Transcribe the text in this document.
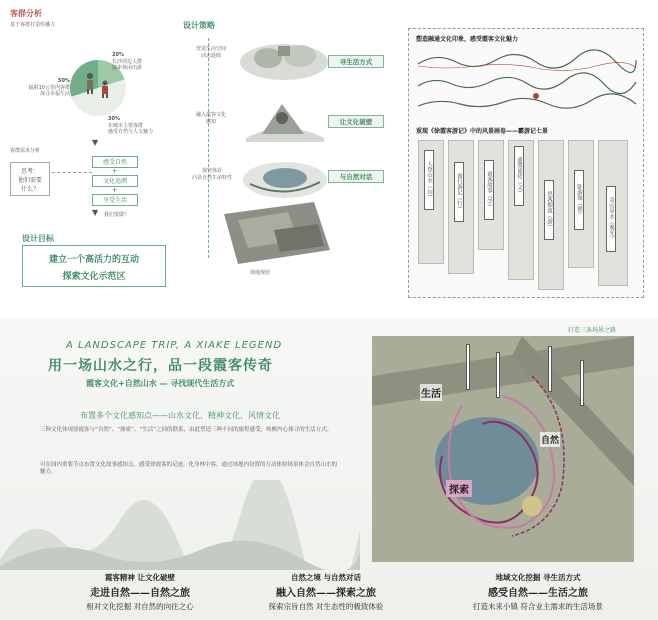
客群分析
基于客群打造传播力
20%
长沙周边人群
探索休闲出游
50%
辐射10公里内客群
探寻幸福生活
30%
东城市主要客群
感受自然与人文魅力
▼
客群需求分析
思考：
他们需要
什么？
感受自然
+
文化追溯
+
享受生活
▼ 我们要做？
设计目标
建立一个高活力的互动
探索文化示范区
设计策略
营造生活空间
活态延续
寻生活方式
融入霞客文化
感知	让文化破壁
探究体验
凸显自然生命特性	与自然对话
场地现状
塑造融通文化印象，感受霞客文化魅力
重现《徐霞客游记》中的风景画卷——霸游记七景
人登山水（山）	霞行游记（行）	霞客故事（学）	遗墨流传（文）
思客烟波（游）	卧游图（憩）	奇山异水（观光）
A LANDSCAPE TRIP, A XIAKE LEGEND
用一场山水之行，品一段霞客传奇
霞客文化+自然山水 — 寻找现代生活方式
布置多个文化感知点——山水文化、精神文化、风情文化
三种文化体现徐霞客与“自然”、“探索”、“生活”之间的联系，由此塑造三种不同的旅程感受，唤醒内心探寻的生活方式。
可在园内重要节点布置文化故事感知点，感受徐霞客的足迹，化身林中客，通过场地内设置的互动体验场景体会自然山水的魅力。
打造三条场景之路
生活
自然
探索
霞客精神 让文化破壁
走进自然——自然之旅
相对文化挖掘 对自然的向往之心
自然之境 与自然对话
融入自然——探索之旅
探索宗旨自然 对生态性的极致体验
地域文化挖掘 寻生活方式
感受自然——生活之旅
打造未来小镇 符合业主需求的生活场景
